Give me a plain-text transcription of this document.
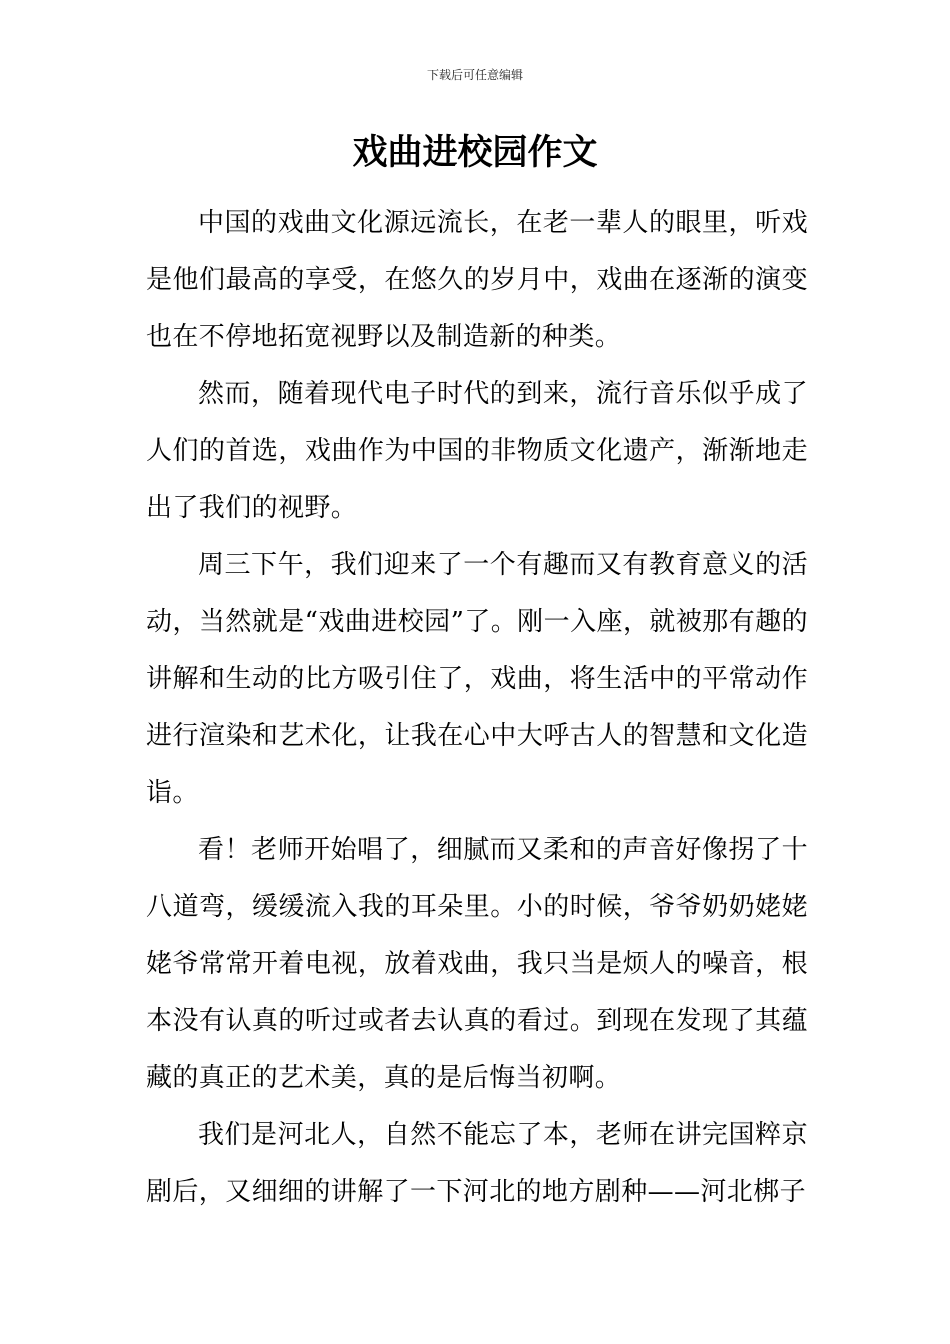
下载后可任意编辑
戏曲进校园作文

中国的戏曲文化源远流长，在老一辈人的眼里，听戏是他们最高的享受，在悠久的岁月中，戏曲在逐渐的演变也在不停地拓宽视野以及制造新的种类。

然而，随着现代电子时代的到来，流行音乐似乎成了人们的首选，戏曲作为中国的非物质文化遗产，渐渐地走出了我们的视野。

周三下午，我们迎来了一个有趣而又有教育意义的活动，当然就是“戏曲进校园”了。刚一入座，就被那有趣的讲解和生动的比方吸引住了，戏曲，将生活中的平常动作进行渲染和艺术化，让我在心中大呼古人的智慧和文化造诣。

看！老师开始唱了，细腻而又柔和的声音好像拐了十八道弯，缓缓流入我的耳朵里。小的时候，爷爷奶奶姥姥姥爷常常开着电视，放着戏曲，我只当是烦人的噪音，根本没有认真的听过或者去认真的看过。到现在发现了其蕴藏的真正的艺术美，真的是后悔当初啊。

我们是河北人，自然不能忘了本，老师在讲完国粹京剧后，又细细的讲解了一下河北的地方剧种——河北梆子
